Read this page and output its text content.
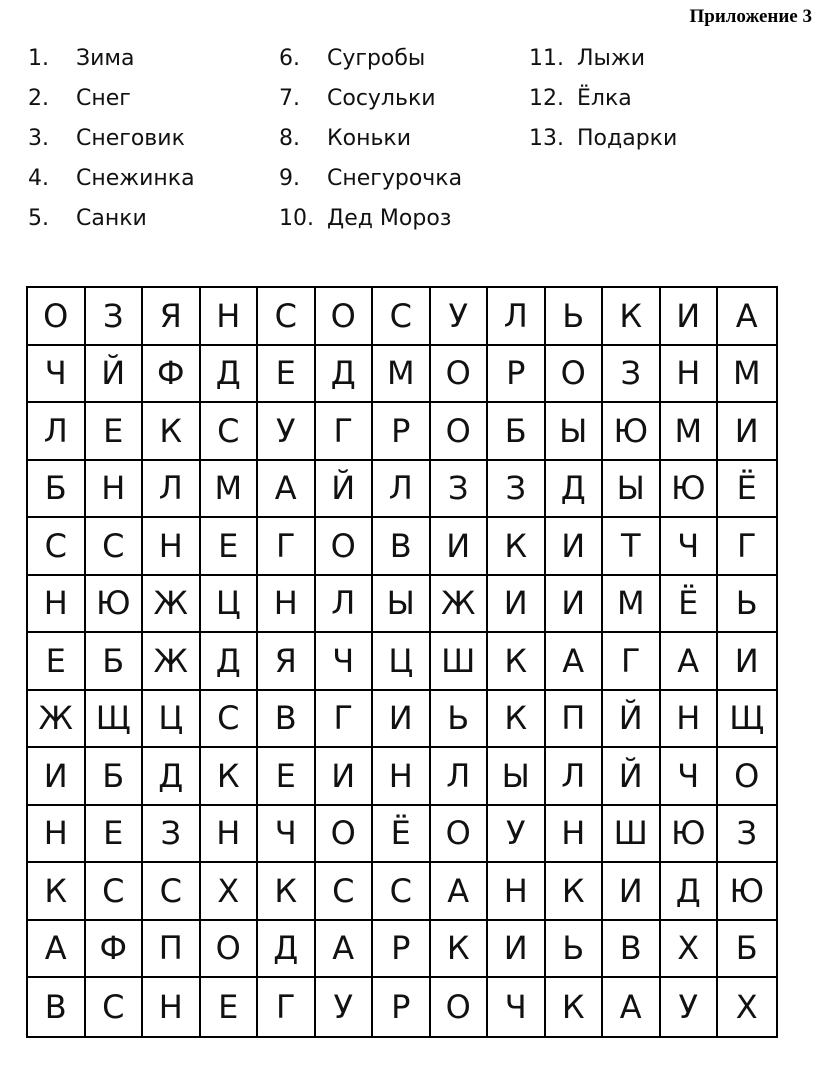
Приложение 3
1. Зима
2. Снег
3. Снеговик
4. Снежинка
5. Санки
6. Сугробы
7. Сосульки
8. Коньки
9. Снегурочка
10. Дед Мороз
11. Лыжи
12. Ёлка
13. Подарки
О	З	Я	Н	С	О	С	У	Л	Ь	К	И	А
Ч	Й Ф Д	Е	Д М О	Р	О	З	Н	М
Л	Е	К	С	У	Г	Р	О	Б	Ы Ю М	И
Б	Н	Л М	А	Й	Л	З	З	Д Ы Ю Ё
С	С	Н	Е	Г	О	В	И	К	И	Т	Ч	Г
Н Ю Ж Ц	Н	Л Ы Ж И	И М	Ё	Ь
Е	Б Ж Д	Я	Ч	Ц Ш К	А	Г	А	И
Ж Щ Ц	С	В	Г	И	Ь	К	П	Й	Н Щ
И	Б	Д	К	Е	И	Н	Л Ы Л	Й	Ч	О
Н	Е	З	Н	Ч	О	Ё	О	У	Н Ш Ю З
К	С	С	Х	К	С	С	А	Н	К	И	Д Ю
А	Ф П	О	Д	А	Р	К	И	Ь	В	Х	Б
В	С	Н	Е	Г	У	Р	О	Ч	К	А	У	Х
